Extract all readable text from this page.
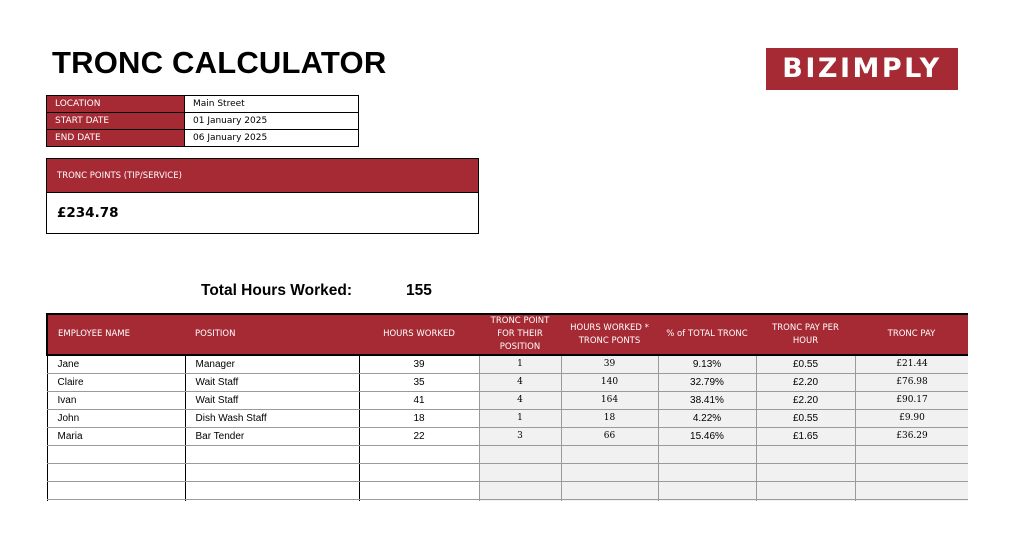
TRONC CALCULATOR	BIZIMPLY
LOCATION	Main Street
START DATE	01 January 2025
END DATE	06 January 2025
TRONC POINTS (TIP/SERVICE)
£234.78
Total Hours Worked:	155
EMPLOYEE NAME	POSITION	HOURS WORKED	TRONC POINT FOR THEIR POSITION	HOURS WORKED * TRONC PONTS	% of TOTAL TRONC	TRONC PAY PER HOUR	TRONC PAY
Jane	Manager	39	1	39	9.13%	£0.55	£21.44
Claire	Wait Staff	35	4	140	32.79%	£2.20	£76.98
Ivan	Wait Staff	41	4	164	38.41%	£2.20	£90.17
John	Dish Wash Staff	18	1	18	4.22%	£0.55	£9.90
Maria	Bar Tender	22	3	66	15.46%	£1.65	£36.29
